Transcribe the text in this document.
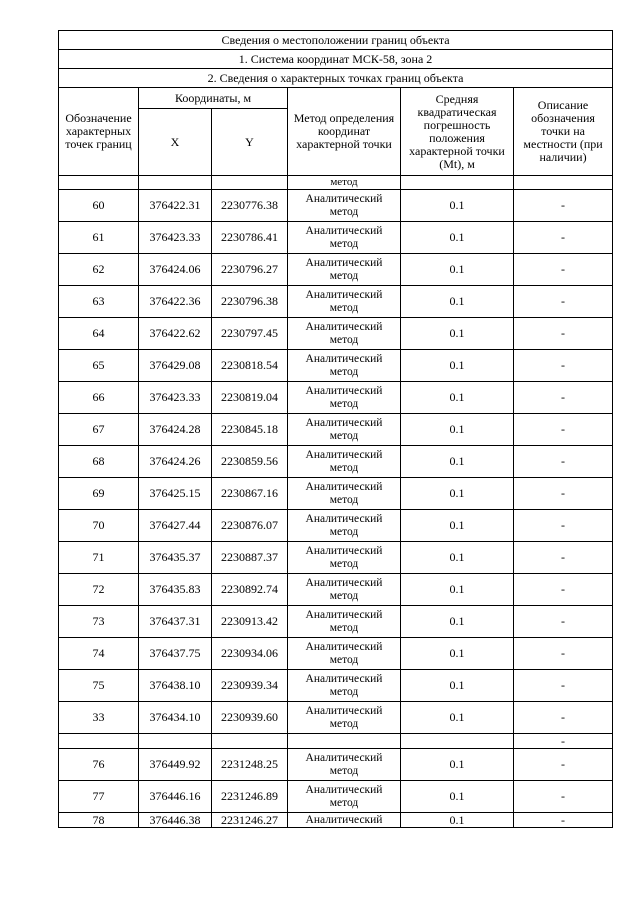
Сведения о местоположении границ объекта					
1. Система координат МСК-58, зона 2					
2. Сведения о характерных точках границ объекта					
Обозначение характерных точек границ	Координаты, м		Метод определения координат характерной точки	Средняя квадратическая погрешность положения характерной точки (Mt), м	Описание обозначения точки на местности (при наличии)
	X	Y			
			метод		
60	376422.31	2230776.38	Аналитический метод	0.1	-
61	376423.33	2230786.41	Аналитический метод	0.1	-
62	376424.06	2230796.27	Аналитический метод	0.1	-
63	376422.36	2230796.38	Аналитический метод	0.1	-
64	376422.62	2230797.45	Аналитический метод	0.1	-
65	376429.08	2230818.54	Аналитический метод	0.1	-
66	376423.33	2230819.04	Аналитический метод	0.1	-
67	376424.28	2230845.18	Аналитический метод	0.1	-
68	376424.26	2230859.56	Аналитический метод	0.1	-
69	376425.15	2230867.16	Аналитический метод	0.1	-
70	376427.44	2230876.07	Аналитический метод	0.1	-
71	376435.37	2230887.37	Аналитический метод	0.1	-
72	376435.83	2230892.74	Аналитический метод	0.1	-
73	376437.31	2230913.42	Аналитический метод	0.1	-
74	376437.75	2230934.06	Аналитический метод	0.1	-
75	376438.10	2230939.34	Аналитический метод	0.1	-
33	376434.10	2230939.60	Аналитический метод	0.1	-
					-
76	376449.92	2231248.25	Аналитический метод	0.1	-
77	376446.16	2231246.89	Аналитический метод	0.1	-
78	376446.38	2231246.27	Аналитический	0.1	-
